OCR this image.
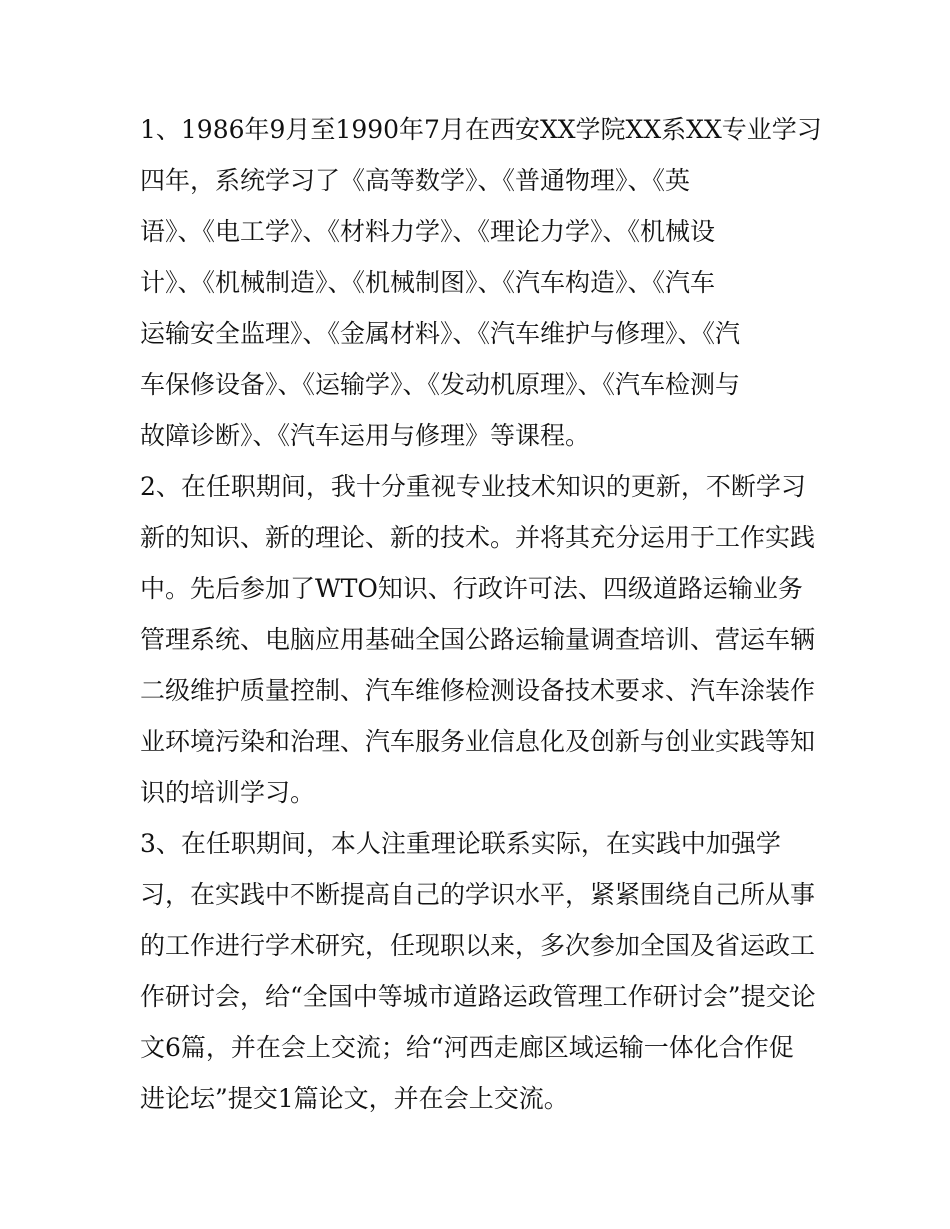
1、1986年9月至1990年7月在西安XX学院XX系XX专业学习
四年，系统学习了《高等数学》、《普通物理》、《英
语》、《电工学》、《材料力学》、《理论力学》、《机械设
计》、《机械制造》、《机械制图》、《汽车构造》、《汽车
运输安全监理》、《金属材料》、《汽车维护与修理》、《汽
车保修设备》、《运输学》、《发动机原理》、《汽车检测与
故障诊断》、《汽车运用与修理》等课程。
2、在任职期间，我十分重视专业技术知识的更新，不断学习
新的知识、新的理论、新的技术。并将其充分运用于工作实践
中。先后参加了WTO知识、行政许可法、四级道路运输业务
管理系统、电脑应用基础全国公路运输量调查培训、营运车辆
二级维护质量控制、汽车维修检测设备技术要求、汽车涂装作
业环境污染和治理、汽车服务业信息化及创新与创业实践等知
识的培训学习。
3、在任职期间，本人注重理论联系实际，在实践中加强学
习，在实践中不断提高自己的学识水平，紧紧围绕自己所从事
的工作进行学术研究，任现职以来，多次参加全国及省运政工
作研讨会，给“全国中等城市道路运政管理工作研讨会”提交论
文6篇，并在会上交流；给“河西走廊区域运输一体化合作促
进论坛”提交1篇论文，并在会上交流。
